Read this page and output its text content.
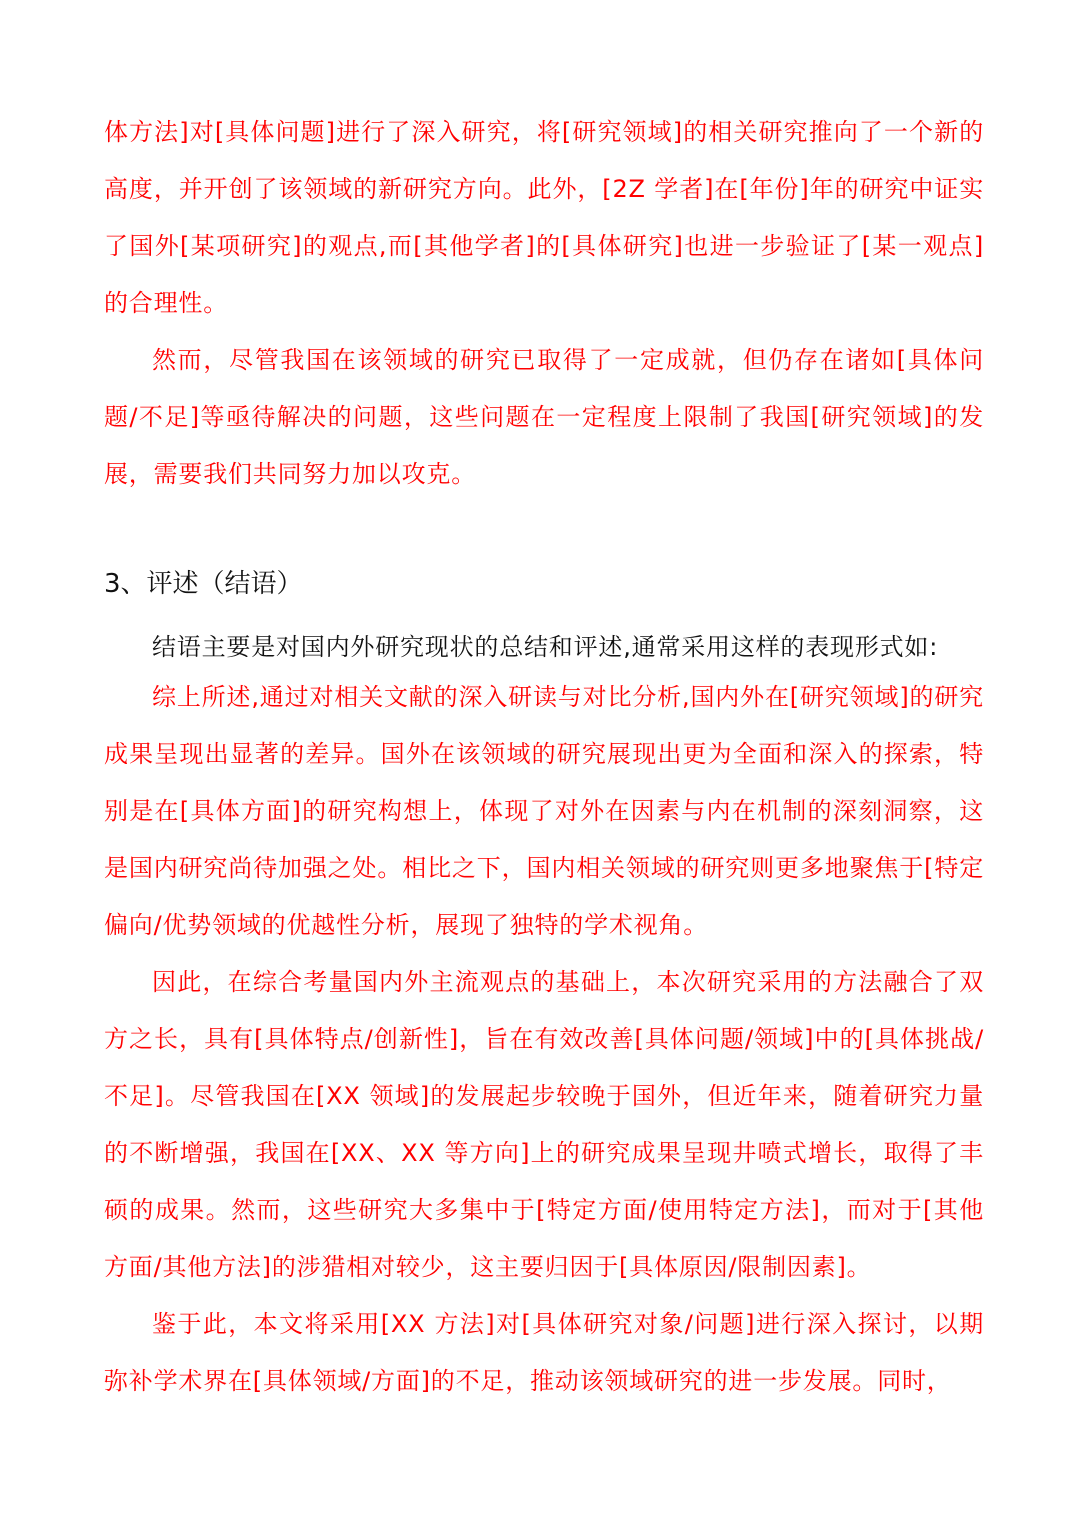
体方法]对[具体问题]进行了深入研究，将[研究领域]的相关研究推向了一个新的高度，并开创了该领域的新研究方向。此外，[2Z 学者]在[年份]年的研究中证实了国外[某项研究]的观点,而[其他学者]的[具体研究]也进一步验证了[某一观点]的合理性。

然而，尽管我国在该领域的研究已取得了一定成就，但仍存在诸如[具体问题/不足]等亟待解决的问题，这些问题在一定程度上限制了我国[研究领域]的发展，需要我们共同努力加以攻克。

3、评述（结语）

结语主要是对国内外研究现状的总结和评述,通常采用这样的表现形式如:

综上所述,通过对相关文献的深入研读与对比分析,国内外在[研究领域]的研究成果呈现出显著的差异。国外在该领域的研究展现出更为全面和深入的探索，特别是在[具体方面]的研究构想上，体现了对外在因素与内在机制的深刻洞察，这是国内研究尚待加强之处。相比之下，国内相关领域的研究则更多地聚焦于[特定偏向/优势领域的优越性分析，展现了独特的学术视角。

因此，在综合考量国内外主流观点的基础上，本次研究采用的方法融合了双方之长，具有[具体特点/创新性]，旨在有效改善[具体问题/领域]中的[具体挑战/不足]。尽管我国在[XX 领域]的发展起步较晚于国外，但近年来，随着研究力量的不断增强，我国在[XX、XX 等方向]上的研究成果呈现井喷式增长，取得了丰硕的成果。然而，这些研究大多集中于[特定方面/使用特定方法]，而对于[其他方面/其他方法]的涉猎相对较少，这主要归因于[具体原因/限制因素]。

鉴于此，本文将采用[XX 方法]对[具体研究对象/问题]进行深入探讨，以期弥补学术界在[具体领域/方面]的不足，推动该领域研究的进一步发展。同时，
